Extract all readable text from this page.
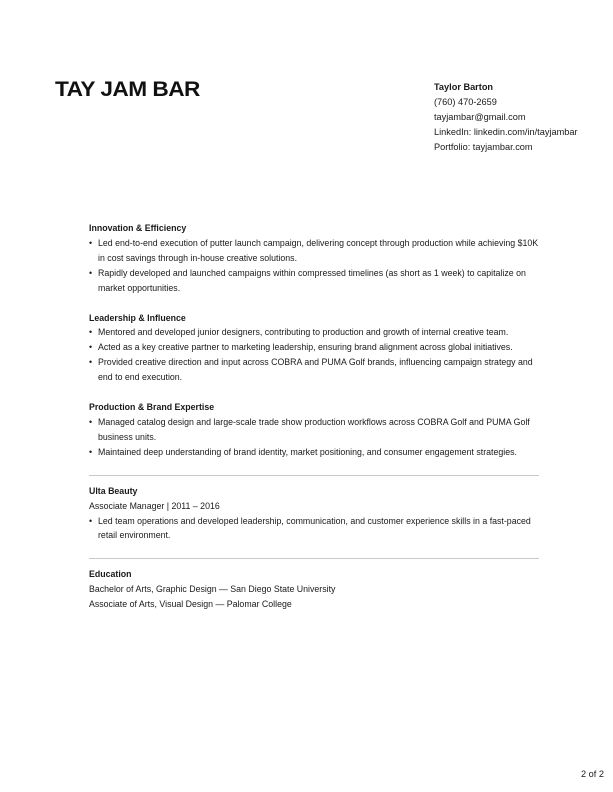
TAY JAM BAR	Taylor Barton
(760) 470-2659
tayjambar@gmail.com
LinkedIn: linkedin.com/in/tayjambar
Portfolio: tayjambar.com
Innovation & Efficiency
• Led end-to-end execution of putter launch campaign, delivering concept through production while achieving $10K in cost savings through in-house creative solutions.
• Rapidly developed and launched campaigns within compressed timelines (as short as 1 week) to capitalize on market opportunities.
Leadership & Influence
• Mentored and developed junior designers, contributing to production and growth of internal creative team.
• Acted as a key creative partner to marketing leadership, ensuring brand alignment across global initiatives.
• Provided creative direction and input across COBRA and PUMA Golf brands, influencing campaign strategy and end to end execution.
Production & Brand Expertise
• Managed catalog design and large-scale trade show production workflows across COBRA Golf and PUMA Golf business units.
• Maintained deep understanding of brand identity, market positioning, and consumer engagement strategies.
Ulta Beauty
Associate Manager | 2011 – 2016
• Led team operations and developed leadership, communication, and customer experience skills in a fast-paced retail environment.
Education
Bachelor of Arts, Graphic Design — San Diego State University
Associate of Arts, Visual Design — Palomar College
2 of 2
